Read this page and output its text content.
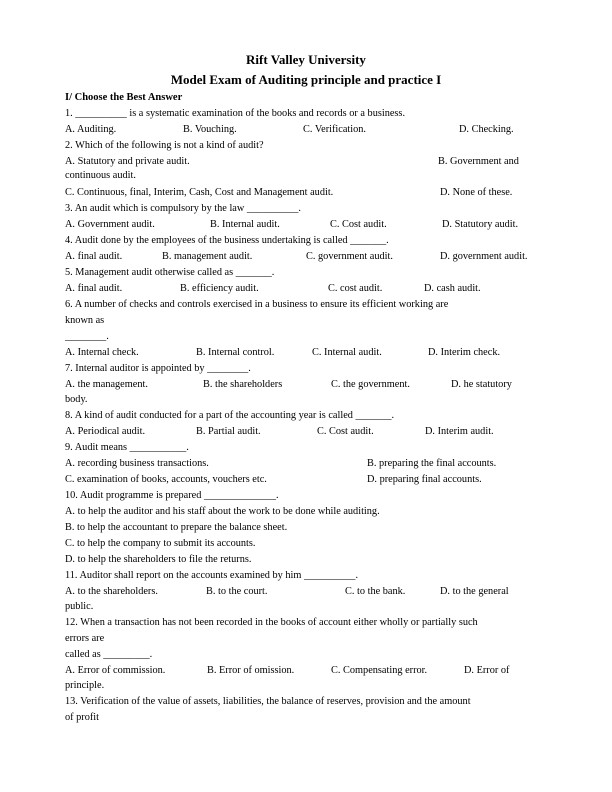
Rift Valley University
Model Exam of Auditing principle and practice I
I/ Choose the Best Answer
1. __________ is a systematic examination of the books and records or a business.
A. Auditing.	B. Vouching.	C. Verification.	D. Checking.
2. Which of the following is not a kind of audit?
A. Statutory and private audit.	B. Government and
continuous audit.
C. Continuous, final, Interim, Cash, Cost and Management audit.	D. None of these.
3. An audit which is compulsory by the law __________.
A. Government audit.	B. Internal audit.	C. Cost audit.	D. Statutory audit.
4. Audit done by the employees of the business undertaking is called _______.
A. final audit.	B. management audit.	C. government audit.	D. government audit.
5. Management audit otherwise called as _______.
A. final audit.	B. efficiency audit.	C. cost audit.	D. cash audit.
6. A number of checks and controls exercised in a business to ensure its efficient working are
known as
________.
A. Internal check.	B. Internal control.	C. Internal audit.	D. Interim check.
7. Internal auditor is appointed by ________.
A. the management.	B. the shareholders	C. the government.	D. he statutory
body.
8. A kind of audit conducted for a part of the accounting year is called _______.
A. Periodical audit.	B. Partial audit.	C. Cost audit.	D. Interim audit.
9. Audit means ___________.
A. recording business transactions.	B. preparing the final accounts.
C. examination of books, accounts, vouchers etc.	D. preparing final accounts.
10. Audit programme is prepared ______________.
A. to help the auditor and his staff about the work to be done while auditing.
B. to help the accountant to prepare the balance sheet.
C. to help the company to submit its accounts.
D. to help the shareholders to file the returns.
11. Auditor shall report on the accounts examined by him __________.
A. to the shareholders.	B. to the court.	C. to the bank.	D. to the general
public.
12. When a transaction has not been recorded in the books of account either wholly or partially such
errors are
called as _________.
A. Error of commission.	B. Error of omission.	C. Compensating error.	D. Error of
principle.
13. Verification of the value of assets, liabilities, the balance of reserves, provision and the amount
of profit
